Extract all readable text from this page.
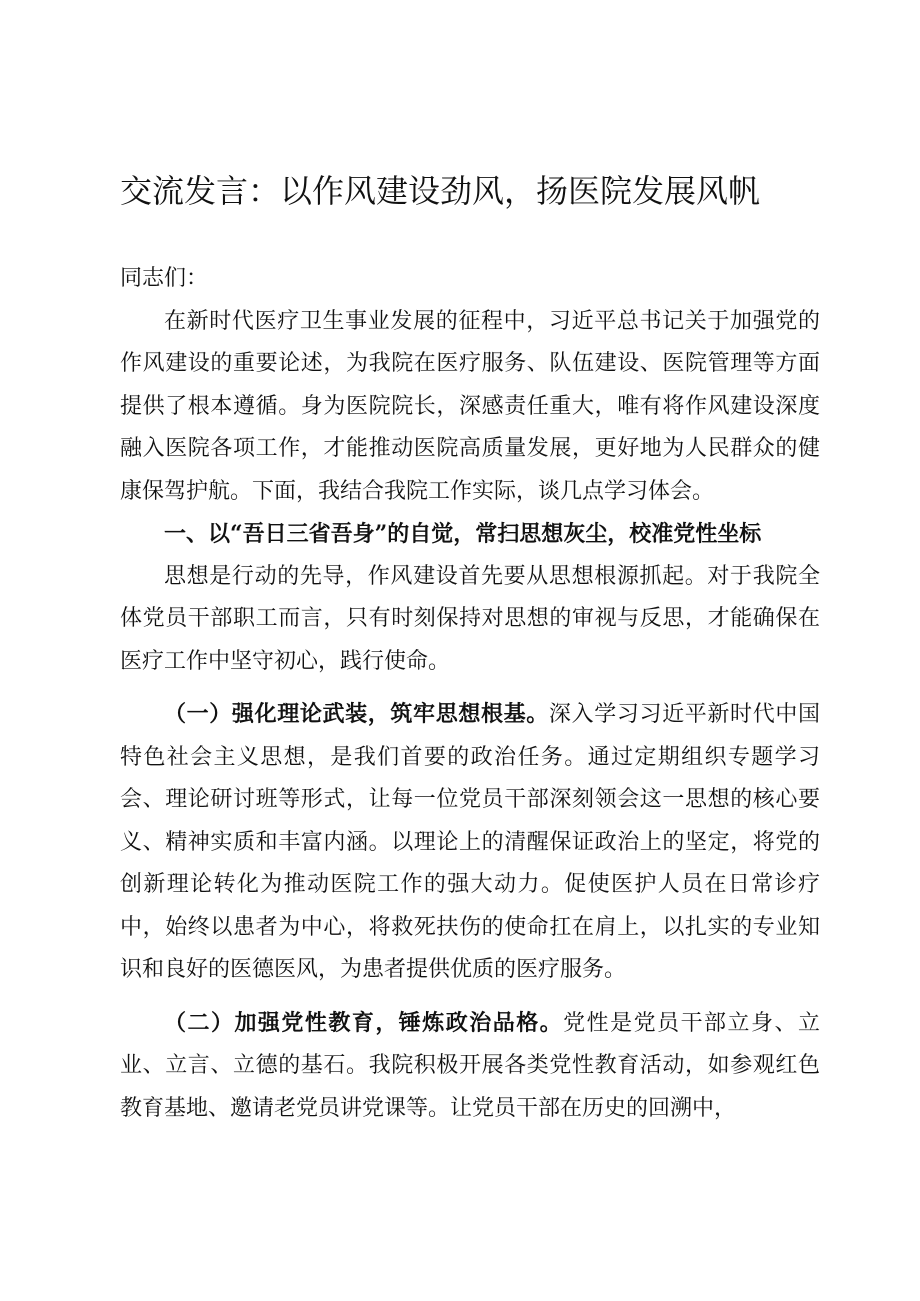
交流发言：以作风建设劲风，扬医院发展风帆

同志们：

在新时代医疗卫生事业发展的征程中，习近平总书记关于加强党的作风建设的重要论述，为我院在医疗服务、队伍建设、医院管理等方面提供了根本遵循。身为医院院长，深感责任重大，唯有将作风建设深度融入医院各项工作，才能推动医院高质量发展，更好地为人民群众的健康保驾护航。下面，我结合我院工作实际，谈几点学习体会。

一、以“吾日三省吾身”的自觉，常扫思想灰尘，校准党性坐标

思想是行动的先导，作风建设首先要从思想根源抓起。对于我院全体党员干部职工而言，只有时刻保持对思想的审视与反思，才能确保在医疗工作中坚守初心，践行使命。

（一）强化理论武装，筑牢思想根基。深入学习习近平新时代中国特色社会主义思想，是我们首要的政治任务。通过定期组织专题学习会、理论研讨班等形式，让每一位党员干部深刻领会这一思想的核心要义、精神实质和丰富内涵。以理论上的清醒保证政治上的坚定，将党的创新理论转化为推动医院工作的强大动力。促使医护人员在日常诊疗中，始终以患者为中心，将救死扶伤的使命扛在肩上，以扎实的专业知识和良好的医德医风，为患者提供优质的医疗服务。

（二）加强党性教育，锤炼政治品格。党性是党员干部立身、立业、立言、立德的基石。我院积极开展各类党性教育活动，如参观红色教育基地、邀请老党员讲党课等。让党员干部在历史的回溯中，
